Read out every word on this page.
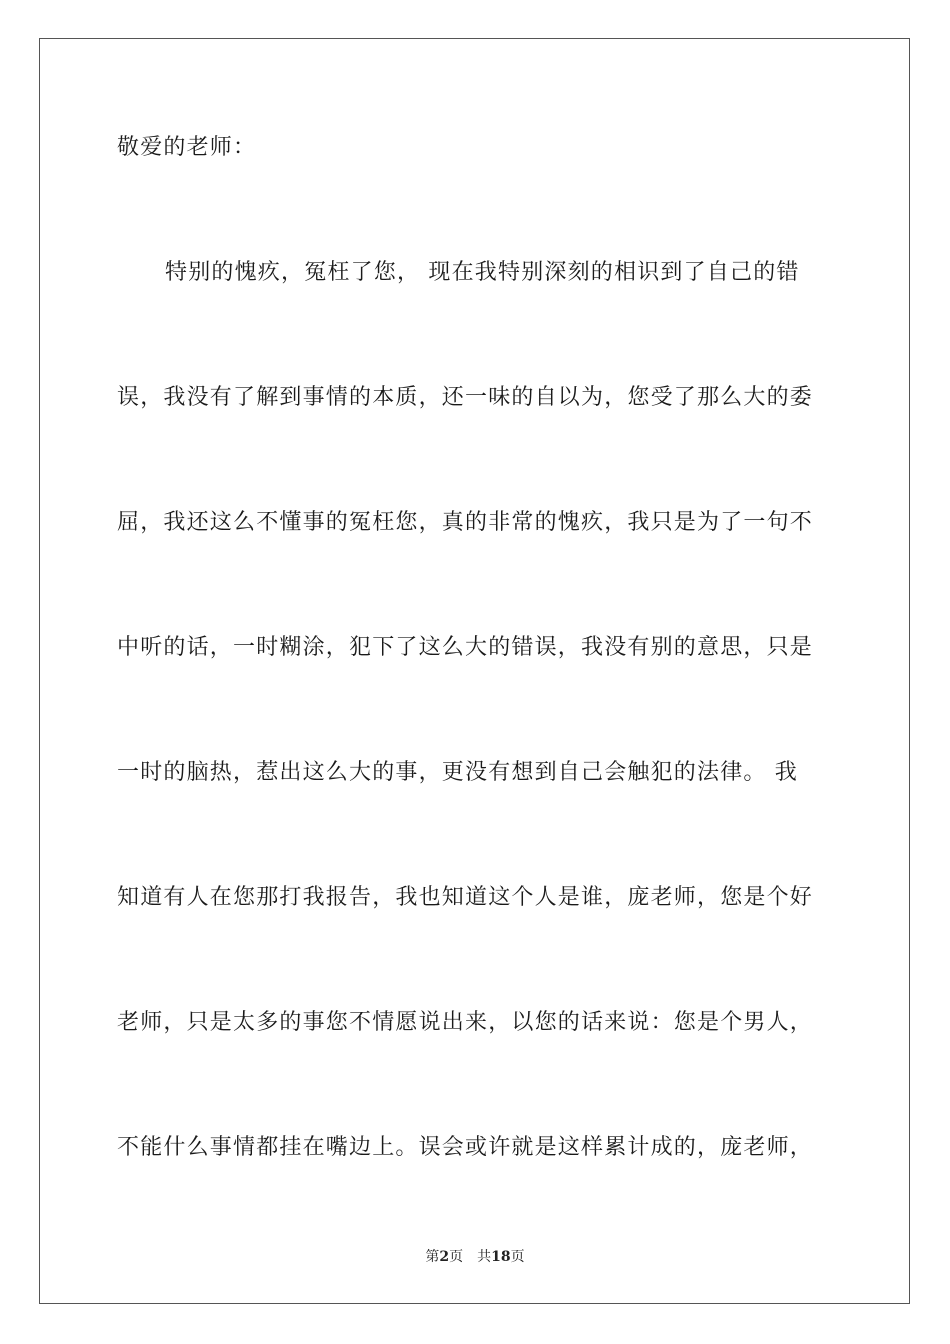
敬爱的老师：
特别的愧疚，冤枉了您， 现在我特别深刻的相识到了自己的错
误，我没有了解到事情的本质，还一味的自以为，您受了那么大的委
屈，我还这么不懂事的冤枉您，真的非常的愧疚，我只是为了一句不
中听的话，一时糊涂，犯下了这么大的错误，我没有别的意思，只是
一时的脑热，惹出这么大的事，更没有想到自己会触犯的法律。 我
知道有人在您那打我报告，我也知道这个人是谁，庞老师，您是个好
老师，只是太多的事您不情愿说出来，以您的话来说：您是个男人，
不能什么事情都挂在嘴边上。误会或许就是这样累计成的，庞老师，
第2页 共18页
